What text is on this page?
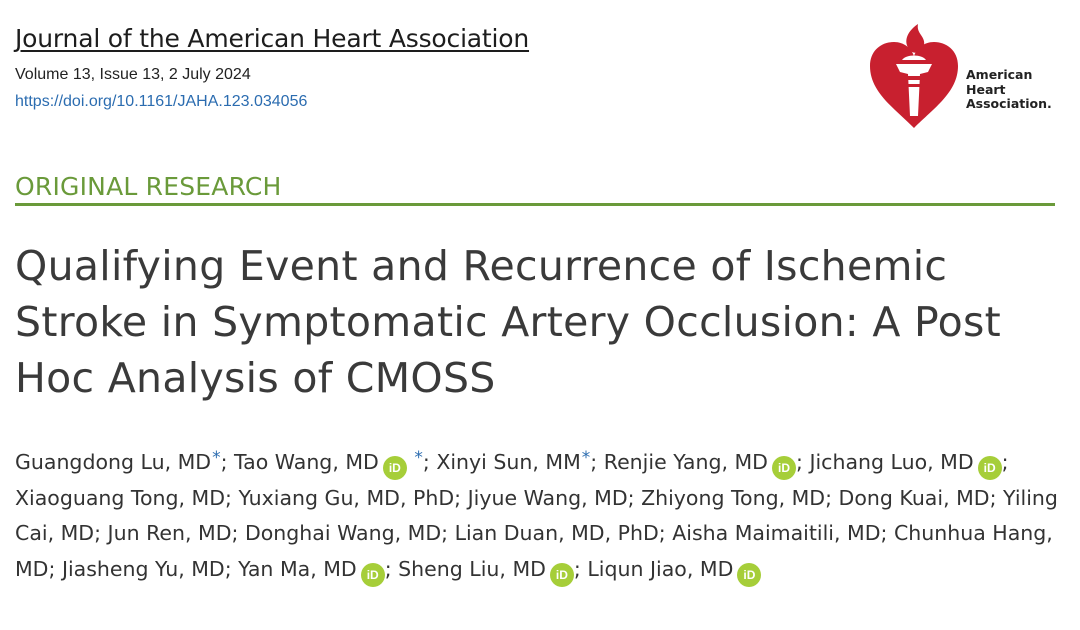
Journal of the American Heart Association
Volume 13, Issue 13, 2 July 2024
https://doi.org/10.1161/JAHA.123.034056
American
Heart
Association.
ORIGINAL RESEARCH
Qualifying Event and Recurrence of Ischemic Stroke in Symptomatic Artery Occlusion: A Post Hoc Analysis of CMOSS
Guangdong Lu, MD*; Tao Wang, MD iD *; Xinyi Sun, MM*; Renjie Yang, MD iD ; Jichang Luo, MD iD ; Xiaoguang Tong, MD; Yuxiang Gu, MD, PhD; Jiyue Wang, MD; Zhiyong Tong, MD; Dong Kuai, MD; Yiling Cai, MD; Jun Ren, MD; Donghai Wang, MD; Lian Duan, MD, PhD; Aisha Maimaitili, MD; Chunhua Hang, MD; Jiasheng Yu, MD; Yan Ma, MD iD ; Sheng Liu, MD iD ; Liqun Jiao, MD iD
